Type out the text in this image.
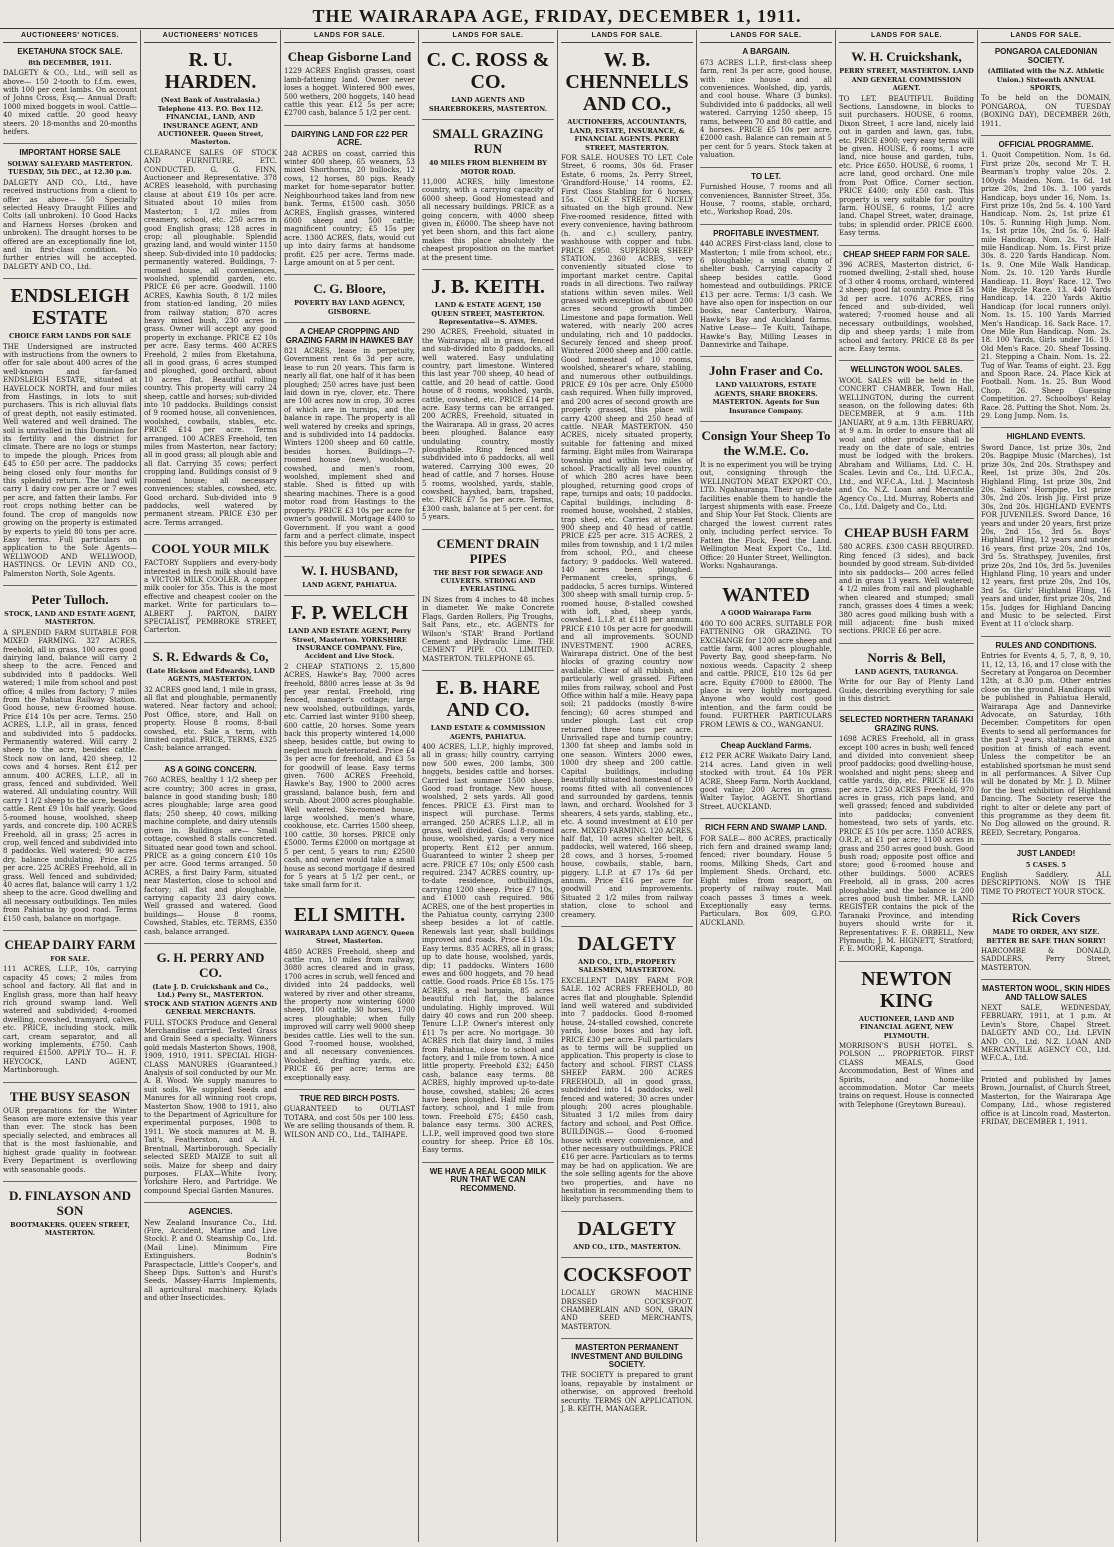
THE WAIRARAPA AGE, FRIDAY, DECEMBER 1, 1911.
AUCTIONEERS' NOTICES.
EKETAHUNA STOCK SALE.
8th DECEMBER, 1911.

DALGETY & CO., Ltd., will sell as above— 150 2-tooth to f.f.m. ewes, with 100 per cent lambs. On account of Johns Cross, Esq.— Annual Draft: 1000 mixed boggets in wool. Cattle— 40 mixed cattle. 20 good heavy steers. 20 18-months and 20-months heifers.

IMPORTANT HORSE SALE
SOLWAY SALEYARD MASTERTON. TUESDAY, 5th DEC., at 12.30 p.m.

DALGETY AND CO., Ltd., have received instructions from a client to offer as above— 50 Specially selected Heavy Draught Fillies and Colts (all unbroken). 10 Good Hacks and Harness Horses (broken and unbroken). The draught horses to be offered are an exceptionally fine lot, and in first-class condition. No further entries will be accepted. DALGETY AND CO., Ltd.

ENDSLEIGH ESTATE
CHOICE FARM LANDS FOR SALE

THE Undersigned are instructed with instructions from the owners to offer for sale about 400 acres of the well-known and far-famed ENDSLEIGH ESTATE, situated at HAVELOCK NORTH, and four miles from Hastings, in lots to suit purchasers. This is rich alluvial flats of great depth, not easily estimated. Well watered and well drained. The soil is unrivalled in this Dominion for its fertility and the district for climate. There are no logs or stumps to impede the plough. Prices from £45 to £50 per acre. The paddocks being closed only four months for this splendid return. The land will carry 1 dairy cow per acre or 7 ewes per acre, and fatten their lambs. For root crops nothing better can be found. The crop of mangolds now growing on the property is estimated by experts to yield 80 tons per acre. Easy terms. Full particulars on application to the Sole Agents— WELLWOOD AND WELLWOOD, HASTINGS. Or LEVIN AND CO., Palmerston North, Sole Agents.

Peter Tulloch.
STOCK, LAND AND ESTATE AGENT, MASTERTON.

A SPLENDID FARM SUITABLE FOR MIXED FARMING. 327 ACRES, freehold, all in grass, 100 acres good dairying land, balance will carry 2 sheep to the acre. Fenced and subdivided into 8 paddocks. Well watered; 1 mile from school and post office; 4 miles from factory; 7 miles from the Pahiatua Railway Station. Good house, new 6-roomed house. Price £14 10s per acre. Terms. 250 ACRES, L.I.P., all in grass, fenced and subdivided into 5 paddocks. Permanently watered. Will carry 2 sheep to the acre, besides cattle. Stock now on land, 420 sheep, 12 cows and 4 horses. Rent £12 per annum. 400 ACRES, L.I.P., all in grass, fenced and subdivided. Well watered. All undulating country. Will carry 1 1/2 sheep to the acre, besides cattle. Rent £9 10s half yearly. Good 5-roomed house, woolshed, sheep yards, and concrete dip. 100 ACRES Freehold, all in grass; 25 acres in crop, well fenced and subdivided into 8 paddocks. Well watered; 90 acres dry, balance undulating. Price £25 per acre. 225 ACRES Freehold, all in grass. Well fenced and subdivided; 40 acres flat, balance will carry 1 1/2 sheep to the acre. Good dwelling and all necessary outbuildings. Ten miles from Pahiatua by good road. Terms £150 cash, balance on mortgage.

CHEAP DAIRY FARM
FOR SALE.

111 ACRES, L.I.P., 10s, carrying capacity 45 cows; 2 miles from school and factory. All flat and in English grass, more than half heavy rich ground swamp land. Well watered and subdivided; 4-roomed dwelling, cowshed, tramyard, calves, etc. PRICE, including stock, milk cart, cream separator, and all working implements, £750. Cash required £1500. APPLY TO— H. F. HEYCOCK, LAND AGENT, Martinborough.

THE BUSY SEASON

OUR preparations for the Winter Season are more extensive this year than ever. The stock has been specially selected, and embraces all that is the most fashionable, and highest grade quality in footwear. Every Department is overflowing with seasonable goods.

D. FINLAYSON AND SON
BOOTMAKERS. QUEEN STREET, MASTERTON.
AUCTIONEERS' NOTICES
R. U. HARDEN.
(Next Bank of Australasia.) Telephone 413. P.O. Box 112. FINANCIAL, LAND, AND INSURANCE AGENT, AND AUCTIONEER. Queen Street, Masterton.

CLEARANCE SALES OF STOCK AND FURNITURE, ETC. CONDUCTED. G. G. FINN, Auctioneer and Representative. 378 ACRES leasehold, with purchasing clause at about £19 10s per acre. Situated about 10 miles from Masterton; 1 1/2 miles from creamery, school, etc. 250 acres in good English grass; 128 acres in crop; all ploughable. Splendid grazing land, and would winter 1150 sheep. Sub-divided into 10 paddocks; permanently watered. Buildings, 7-roomed house, all conveniences, woolshed, splendid garden, etc. PRICE £6 per acre. Goodwill. 1100 ACRES, Kawhia South, 8 1/2 miles from station-ed landing, 20 miles from railway station; 870 acres heavy mixed bush, 230 acres in grass. Owner will accept any good property in exchange. PRICE £2 10s per acre. Easy terms. 460 ACRES Freehold, 2 miles from Eketahuna, all in good grass, 6 acres stumped and ploughed, good orchard, about 10 acres flat. Beautiful rolling country. This property will carry 24 sheep, cattle and horses; sub-divided into 10 paddocks. Buildings consist of 9 roomed house, all conveniences, woolshed, cowbails, stables, etc. PRICE £14 per acre. Terms arranged. 100 ACRES Freehold, ten miles from Masterton, near factory; all in good grass; all plough able and all flat. Carrying 35 cows; perfect cropping land. Buildings consist of 9 roomed house; all necessary conveniences; stables, cowshed, etc. Good orchard. Sub-divided into 9 paddocks, well watered by permanent stream. PRICE £30 per acre. Terms arranged.

COOL YOUR MILK

FACTORY Suppliers and every-body interested in fresh milk should have a VICTOR MILK COOLER. A copper milk cooler for 35s. This is the most effective and cheapest cooler on the market. Write for particulars to— ALBERT J. PARTON, DAIRY SPECIALIST, PEMBROKE STREET, Carterton.

S. R. Edwards & Co,
(Late Hickson and Edwards), LAND AGENTS, MASTERTON.

32 ACRES good land, 1 mile in grass, all flat and ploughable, permanently watered. Near factory and school; Post Office, store, and Hall on property. House 8 rooms, 8-bail cowshed, etc. Sale a term, with limited capital. PRICE, TERMS, £325 Cash; balance arranged.

AS A GOING CONCERN.

760 ACRES, healthy 1 1/2 sheep per acre country; 300 acres in grass, balance in good standing bush; 180 acres ploughable; large area good flats; 250 sheep, 40 cows, milking machine complete, and dairy utensils given in. Buildings are— Small cottage, cowshed 8 stalls concreted. Situated near good town and school. PRICE as a going concern £10 10s per acre. Good terms arranged. 50 ACRES, a first Dairy Farm, situated near Masterton, close to school and factory; all flat and ploughable, carrying capacity 23 dairy cows. Well grassed and watered. Good buildings— House 8 rooms, Cowshed, Stables, etc. TERMS, £350 cash, balance arranged.

G. H. PERRY AND CO.
(Late J. D. Cruickshank and Co., Ltd.) Perry St., MASTERTON. STOCK AND STATION AGENTS AND GENERAL MERCHANTS.

FULL STOCKS Produce and General Merchandise carried. Tested Grass and Grain Seed a specialty. Winners gold medals Masterton Shows, 1908, 1909, 1910, 1911. SPECIAL HIGH-CLASS MANURES (Guaranteed.) Analysis of soil conducted by our Mr. A. B. Wood. We supply manures to suit soils. We supplied Seeds and Manures for all winning root crops, Masterton Show, 1908 to 1911, also to the Department of Agriculture for experimental purposes, 1908 to 1911. We stock manures at M. B. Tait's, Featherston, and A. H. Brentnall, Martinborough. Specially selected SEED MAIZE to suit all soils. Maize for sheep and dairy purposes. FLAX—White Ivory, Yorkshire Hero, and Partridge. We compound Special Garden Manures.

AGENCIES.

New Zealand Insurance Co., Ltd. (Fire, Accident, Marine and Live Stock). P. and O. Steamship Co., Ltd. (Mail Line). Minimum Fire Extinguishers. Bodnin's Paraspectacle, Little's Cooper's, and Sheep Dips. Sutton's and Hurst's Seeds. Massey-Harris Implements, all agricultural machinery. Kylads and other Insecticides.

LANDS FOR SALE.
Cheap Gisborne Land

1229 ACRES English grasses, coast lamb-fattening land. Owner never loses a hogget. Wintered 900 ewes, 500 wethers, 200 hoggets, 140 head cattle this year. £12 5s per acre; £2700 cash, balance 5 1/2 per cent.

DAIRYING LAND FOR £22 PER ACRE.

248 ACRES on coast, carried this winter 400 sheep, 65 weaners, 53 mixed Shorthorns, 20 bullocks, 12 cows, 12 horses, 80 pigs. Ready market for home-separator butter. Neighbourhood takes land from new bank. Terms, £1500 cash. 3050 ACRES, English grasses, wintered 6000 sheep and 500 cattle; magnificent country; £5 15s per acre. 1300 ACRES, flats, would cut up into dairy farms at handsome profit. £25 per acre. Terms made. Large amount on at 5 per cent.

C. G. Bloore,
POVERTY BAY LAND AGENCY, GISBORNE.
A CHEAP CROPPING AND GRAZING FARM IN HAWKES BAY

821 ACRES, lease in perpetuity, Government rent 6s 3d per acre, lease to run 20 years. This farm is nearly all flat, one half of it has been ploughed; 250 acres have just been laid down in rye, clover, etc. There are 100 acres now in crop, 30 acres of which are in turnips, and the balance in rape. The property is all well watered by creeks and springs, and is subdivided into 14 paddocks. Winters 1200 sheep and 60 cattle, besides horses. Buildings—7-roomed house (new), woolshed, cowshed, and men's room, woolshed, implement shed and stable. Shed is fitted up with shearing machines. There is a good motor road from Hastings to the property. PRICE £3 10s per acre for owner's goodwill. Mortgage £400 to Government. If you want a good farm and a perfect climate, inspect this before you buy elsewhere.

W. I. HUSBAND,
LAND AGENT, PAHIATUA.
F. P. WELCH
LAND AND ESTATE AGENT, Perry Street, Masterton. YORKSHIRE INSURANCE COMPANY. Fire, Accident and Live Stock.

2 CHEAP STATIONS 2. 15,800 ACRES, Hawke's Bay, 7000 acres freehold, 8800 acres lease at 3s 9d per year rental. Freehold, ring fenced, manager's cottage; large new woolshed, outbuildings, yards, etc. Carried last winter 9100 sheep, 600 cattle, 20 horses. Some years back this property wintered 14,000 sheep, besides cattle, but owing to neglect much deteriorated. Price £4 3s per acre for freehold, and £3 5s for goodwill of lease. Easy terms given. 7600 ACRES Freehold, Hawke's Bay, 1900 to 2000 acres grassland, balance bush, fern and scrub. About 2000 acres ploughable. Well watered. Six-roomed house, large woolshed, men's whare, cookhouse, etc. Carries 1500 sheep, 100 cattle, 30 horses. PRICE only £5000. Terms £2000 on mortgage at 5 per cent, 5 years to run; £2500 cash, and owner would take a small house as second mortgage if desired for 5 years at 5 1/2 per cent., or take small farm for it.

ELI SMITH.
WAIRARAPA LAND AGENCY. Queen Street, Masterton.

4850 ACRES Freehold, sheep and cattle run, 10 miles from railway, 3080 acres cleared and in grass, 1700 acres in scrub, well fenced and divided into 24 paddocks, well watered by river and other streams, the property now wintering 6000 sheep, 100 cattle, 30 horses, 1700 acres ploughable; when fully improved will carry well 9000 sheep besides cattle. Lies well to the sun. Good 7-roomed house, woolshed, and all necessary conveniences. Woolshed, drafting yards, etc. PRICE £6 per acre; terms are exceptionally easy.

TRUE RED BIRCH POSTS.

GUARANTEED to OUTLAST TOTARA, and cost 50s per 100 less. We are selling thousands of them. R. WILSON AND CO., Ltd., TAIHAPE.

LANDS FOR SALE.
C. C. ROSS & CO.
LAND AGENTS AND SHAREBROKERS, MASTERTON.
SMALL GRAZING RUN
40 MILES FROM BLENHEIM BY MOTOR ROAD.

11,000 ACRES, hilly limestone country, with a carrying capacity of 6000 sheep. Good Homestead and all necessary buildings. PRICE as a going concern, with 4000 sheep given in, £6000. The sheep have not yet been shorn, and this fact alone makes this place absolutely the cheapest proposition on the market at the present time.

J. B. KEITH.
LAND & ESTATE AGENT, 150 QUEEN STREET, MASTERTON. Representative—S. AYMES.

290 ACRES, Freehold, situated in the Wairarapa; all in grass, fenced and sub-divided into 8 paddocks, all well watered. Easy undulating country, part limestone. Wintered this last year 700 sheep, 40 head of cattle, and 20 head of cattle. Good house of 8 rooms, woolshed, yards, cattle, cowshed, etc. PRICE £14 per acre. Easy terms can be arranged. 200 ACRES, Freehold, situated in the Wairarapa. All in grass, 20 acres been ploughed. Balance easy undulating country, mostly ploughable. Ring fenced and subdivided into 6 paddocks, all well watered. Carrying 300 ewes, 20 head of cattle, and 7 horses. House 5 rooms, woolshed, yards, stable, cowshed, hayshed, barn, trapshed, etc. PRICE £7 5s per acre. Terms, £300 cash, balance at 5 per cent. for 5 years.

CEMENT DRAIN PIPES
THE BEST FOR SEWAGE AND CULVERTS. STRONG AND EVERLASTING.

IN Sizes from 4 inches to 48 inches in diameter. We make Concrete Flags, Garden Rollers, Pig Troughs, Salt Pans, etc., etc. AGENTS for Wilson's 'STAR' Brand Portland Cement and Hydraulic Lime. THE CEMENT PIPE CO. LIMITED. MASTERTON. TELEPHONE 65.

E. B. HARE AND CO.
LAND ESTATE & COMMISSION AGENTS, PAHIATUA.

400 ACRES, L.I.P., highly improved, all in grass; hilly country, carrying now 500 ewes, 200 lambs, 300 hoggets, besides cattle and horses. Carried last summer 1500 sheep. Good road frontage. New house, woolshed, 2 sets yards. All good fences. PRICE £3. First man to inspect will purchase. Terms arranged. 250 ACRES L.I.P., all in grass, well divided. Good 8-roomed house, woolshed, yards; a very nice property. Rent £12 per annum. Guaranteed to winter 2 sheep per acre. PRICE £7 10s; only £500 cash required. 2347 ACRES country, up-to-date residence, outbuildings, carrying 1200 sheep. Price £7 10s, and £1000 cash required. 986 ACRES, one of the best properties in the Pahiatua county, carrying 2300 sheep besides a lot of cattle. Renewals last year, shall buildings improved and roads. Price £13 10s. Easy terms. 835 ACRES, all in grass; up to date house, woolshed, yards, dip; 11 paddocks. Winters 1600 ewes and 600 hoggets, and 70 head cattle. Good roads. Price £8 15s. 175 ACRES, a real bargain, 85 acres beautiful rich flat, the balance undulating. Highly improved. Will dairy 40 cows and run 200 sheep. Tenure L.I.P. Owner's interest only £11 7s per acre. No mortgage. 30 ACRES rich flat dairy land, 3 miles from Pahiatua, close to school and factory, and 1 mile from town. A nice little property. Freehold £32; £450 cash, balance easy terms. 88 ACRES, highly improved up-to-date house, cowshed, stables; 26 acres have been ploughed. Half mile from factory, school, and 1 mile from town. Freehold £75; £450 cash, balance easy terms. 300 ACRES, L.I.P., well improved good two store country for sheep. Price £8 10s. Easy terms.

WE HAVE A REAL GOOD MILK RUN THAT WE CAN RECOMMEND.
LANDS FOR SALE.
W. B. CHENNELLS AND CO.,
AUCTIONEERS, ACCOUNTANTS, LAND, ESTATE, INSURANCE, & FINANCIAL AGENTS. PERRY STREET, MASTERTON.

FOR SALE. HOUSES TO LET. Cole Street, 6 rooms, 30s 6d. Fraser Estate, 6 rooms, 2s. Perry Street, 'Grandford-House,' 14 rooms, £2. First Class Stabling for 6 horses, 15s. COLE STREET. NICELY situated on the high ground. New Five-roomed residence, fitted with every convenience, having bathroom (h. and c.) scullery, pantry, washhouse with copper and tubs. PRICE £950. SUPERIOR SHEEP STATION. 2360 ACRES, very conveniently situated close to important market centre. Capital roads in all directions. Two railway stations within seven miles. Well grassed with exception of about 200 acres second growth timber. Limestone and papa formation. Well watered, with nearly 200 acres undulating, rich and 10 paddocks. Securely fenced and sheep proof. Wintered 2000 sheep and 200 cattle. Good homestead of 10 rooms, woolshed, shearer's whare, stabling, and numerous other outbuildings. PRICE £9 10s per acre. Only £5000 cash required. When fully improved, and 200 acres of second growth are properly grassed, this place will carry 4200 sheep and 250 head of cattle. NEAR MASTERTON. 450 ACRES, nicely situated property, suitable for fattening and mixed farming. Eight miles from Wairarapa township and within two miles of school. Practically all level country, of which 280 acres have been ploughed, returning good crops of rape, turnips and oats; 10 paddocks. Capital buildings, including 8-roomed house, woolshed, 2 stables, trap shed, etc. Carries at present 900 sheep and 40 head of cattle. PRICE £25 per acre. 315 ACRES, 2 miles from township, and 1 1/2 miles from school, P.O., and cheese factory; 9 paddocks. Well watered. 140 acres been ploughed. Permanent creeks, springs, 6 paddocks, 5 acres turnips. Wintered 300 sheep with small turnip crop. 5-roomed house, 8-stalled cowshed with loft, shed, sheep yards, cowshed. L.I.P. at £118 per annum. PRICE £10 10s per acre for goodwill and all improvements. SOUND INVESTMENT. 1900 ACRES, Wairarapa district. One of the best blocks of grazing country now available. Clear of all rubbish, and particularly well grassed. Fifteen miles from railway, school and Post Office within half a mile. Heavy papa soil; 21 paddocks (mostly 8-wire fencing); 60 acres stumped and under plough. Last cut crop returned three tons per acre. Unrivalled rape and turnip country; 1300 fat sheep and lambs sold in one season. Winters 2000 ewes, 1000 dry sheep and 200 cattle. Capital buildings, including beautifully situated homestead of 10 rooms fitted with all conveniences and surrounded by gardens, tennis lawn, and orchard. Woolshed for 3 shearers, 4 sets yards, stabling, etc., etc. A sound investment at £10 per acre. MIXED FARMING. 120 ACRES, half flat, 10 acres shelter belt, 6 paddocks, well watered, 166 sheep, 28 cows, and 3 horses, 5-roomed house, cowbails, stable, barn, piggery. L.I.P. at £7 17s 6d per annum. Price £16 per acre for goodwill and improvements. Situated 2 1/2 miles from railway station, close to school and creamery.

DALGETY
AND CO., LTD., PROPERTY SALESMEN, MASTERTON.

EXCELLENT DAIRY FARM FOR SALE. 102 ACRES FREEHOLD, 80 acres flat and ploughable. Splendid land well watered and subdivided into 7 paddocks. Good 8-roomed house, 24-stalled cowshed, concrete yards, loose boxes and hay loft. PRICE £30 per acre. Full particulars as to terms will be supplied on application. This property is close to factory and school. FIRST CLASS SHEEP FARM. 200 ACRES FREEHOLD, all in good grass, subdivided into 14 paddocks, well fenced and watered; 30 acres under plough; 200 acres ploughable. Situated 3 1/2 miles from dairy factory and school, and Post Office. BUILDINGS.— Good 6-roomed house with every convenience, and other necessary outbuildings. PRICE £16 per acre. Particulars as to terms may be had on application. We are the sole selling agents for the above two properties, and have no hesitation in recommending them to likely purchasers.

DALGETY
AND CO., LTD., MASTERTON.
COCKSFOOT

LOCALLY GROWN MACHINE DRESSED COCKSFOOT. CHAMBERLAIN AND SON, GRAIN AND SEED MERCHANTS, MASTERTON.

MASTERTON PERMANENT INVESTMENT AND BUILDING SOCIETY.

THE SOCIETY is prepared to grant loans, repayable by instalment or otherwise, on approved freehold security. TERMS ON APPLICATION. J. B. KEITH, MANAGER.

LANDS FOR SALE.
A BARGAIN.

673 ACRES L.I.P., first-class sheep farm, rent 3s per acre, good house, with nice house and all conveniences. Woolshed, dip, yards, and cool house. Whare (3 bunks). Subdivided into 6 paddocks, all well watered. Carrying 1250 sheep, 15 rams, between 70 and 80 cattle, and 4 horses. PRICE £5 10s per acre. £2000 cash. Balance can remain at 5 per cent for 5 years. Stock taken at valuation.

TO LET.

Furnished House, 7 rooms and all conveniences, Bannister Street, 35s. House, 7 rooms, stable, orchard, etc., Workshop Road, 20s.

PROFITABLE INVESTMENT.

440 ACRES First-class land, close to Masterton; 1 mile from school, etc.; 6 ploughable; a small clump of shelter bush. Carrying capacity 2 sheep besides cattle. Good homestead and outbuildings. PRICE £13 per acre. Terms: 1/3 cash. We have also open for inspection on our books, near Canterbury, Wairoa, Hawke's Bay and Auckland farms. Native Lease— Te Kuiti, Taihape, Hawke's Bay, Milling Leases in Dannevirke and Taihape.

John Fraser and Co.
LAND VALUATORS, ESTATE AGENTS, SHARE BROKERS. MASTERTON. Agents for Sun Insurance Company.
Consign Your Sheep To the W.M.E. Co.

It is no experiment you will be trying out, consigning through the WELLINGTON MEAT EXPORT CO., LTD. Ngahauranga. Their up-to-date facilities enable them to handle the largest shipments with ease. Freeze and Ship Your Fat Stock. Clients are charged the lowest current rates only, including perfect service. To Fatten the Flock, Feed the Land. Wellington Meat Export Co., Ltd. Office: 20 Hunter Street, Wellington. Works: Ngahauranga.

WANTED
A GOOD Wairarapa Farm

400 TO 600 ACRES. SUITABLE FOR FATTENING OR GRAZING. TO EXCHANGE for 1200 acre sheep and cattle farm, 400 acres ploughable, Poverty Bay, good sheep-farm. No noxious weeds. Capacity 2 sheep and cattle. PRICE, £10 12s 6d per acre. Equity £7000 to £8000. The place is very lightly mortgaged. Anyone who would cost good intention, and the farm could be found. FURTHER PARTICULARS FROM LEWIS & CO., WANGANUI.

Cheap Auckland Farms.

£12 PER ACRE Waikato Dairy Land, 214 acres. Land given in well stocked with trout. £4 10s PER ACRE, Sheep Farm. North Auckland, good value; 200 Acres in grass. Walter Taylor, AGENT. Shortland Street, AUCKLAND.

RICH FERN AND SWAMP LAND.

FOR SALE— 800 ACRES, practically rich fern and drained swamp land; fenced; river boundary. House 5 rooms, Milking Sheds, Cart and Implement Sheds. Orchard, etc. Eight miles from seaport, on property of railway route. Mail coach passes 3 times a week. Exceptionally easy terms. Particulars, Box 609, G.P.O. AUCKLAND.

LANDS FOR SALE.
W. H. Cruickshank,
PERRY STREET, MASTERTON. LAND AND GENERAL COMMISSION AGENT.

TO LET. BEAUTIFUL Building Sections, Lansdowne, in blocks to suit purchasers. HOUSE, 6 rooms, Dixon Street, 1 acre land, nicely laid out in garden and lawn, gas, tubs, etc. PRICE £900; very easy terms will be given. HOUSE, 6 rooms, 1 acre land, nice house and garden, tubs, etc. Price £650. HOUSE, 6 rooms, 1 acre land, good orchard. One mile from Post Office. Corner section. PRICE £400; only £50 cash. This property is very suitable for poultry farm. HOUSE, 6 rooms, 1/2 acre land. Chapel Street, water, drainage, tubs; in splendid order. PRICE £600. Easy terms.

CHEAP SHEEP FARM FOR SALE.

396 ACRES, Masterton district, 6-roomed dwelling, 2-stall shed, house of 3 other 4 rooms, orchard, wintered 2 sheep; good fat country. Price £8 5s 3d per acre. 1076 ACRES, ring fenced and sub-divided, well watered; 7-roomed house and all necessary outbuildings, woolshed, dip and sheep yards; 1 mile from school and factory. PRICE £8 8s per acre. Easy terms.

WELLINGTON WOOL SALES.

WOOL SALES will be held in the CONCERT CHAMBER, Town Hall, WELLINGTON, during the current season, on the following dates: 6th DECEMBER, at 9 a.m. 11th JANUARY, at 9 a.m. 13th FEBRUARY, at 9 a.m. In order to ensure that all wool and other produce shall be ready on the date of sale, entries must be lodged with the brokers. Abraham and Williams, Ltd. C. H. Scales. Levin and Co., Ltd. U.F.C.A., Ltd., and W.F.C.A., Ltd. J. Macintosh and Co. N.Z. Loan and Mercantile Agency Co., Ltd. Murray, Roberts and Co., Ltd. Dalgety and Co., Ltd.

CHEAP BUSH FARM

580 ACRES. £300 CASH REQUIRED. Ring fenced (3 sides), and back bounded by good stream. Sub-divided into six paddocks— 200 acres felled and in grass 13 years. Well watered; 4 1/2 miles from rail and ploughable when cleared and stumped; small ranch, grasses does 4 times a week; 380 acres good milking bush with a mill adjacent; fine bush mixed sections. PRICE £6 per acre.

Norris & Bell,
LAND AGENTS, TAURANGA.

Write for our Bay of Plenty Land Guide, describing everything for sale in this district.

SELECTED NORTHERN TARANAKI GRAZING RUNS.

1698 ACRES Freehold, all in grass except 100 acres in bush; well fenced and divided into convenient sheep proof paddocks; good dwelling-house, woolshed and night pens; sheep and cattle yards, dip, etc. PRICE £6 10s per acre. 1250 ACRES Freehold, 970 acres in grass, rich paps land, and well grassed; fenced and subdivided into paddocks; convenient homestead, two sets of yards, etc. PRICE £5 10s per acre. 1350 ACRES, O.R.P., at £1 per acre; 1100 acres in grass and 250 acres good bush. Good bush road; opposite post office and store; good 6-roomed house and other buildings. 5000 ACRES Freehold, all in grass, 200 acres ploughable; and the balance is 200 acres good bush timber. MR. LAND REGISTER contains the pick of the Taranaki Province, and intending buyers should write for it. Representatives: F. E. ORBELL, New Plymouth; J. M. HIGNETT, Stratford; F. E. MOORE, Kaponga.

NEWTON KING
AUCTIONEER, LAND AND FINANCIAL AGENT, NEW PLYMOUTH.

MORRISON'S BUSH HOTEL. S. POLSON ... PROPRIETOR. FIRST CLASS MEALS, Good Accommodation, Best of Wines and Spirits, and home-like accommodation. Motor Car meets trains on request. House is connected with Telephone (Greytown Bureau).

LANDS FOR SALE.
PONGAROA CALEDONIAN SOCIETY.
(Affiliated with the N.Z. Athletic Union.) Sixteenth ANNUAL SPORTS,

To be held on the DOMAIN, PONGAROA, ON TUESDAY (BOXING DAY), DECEMBER 26th, 1911.

OFFICIAL PROGRAMME.

1. Quoit Competition. Nom. 1s 6d. First prize 20s, second Mr T. H. Bearman's trophy value 20s. 2. 100yds Maiden. Nom. 1s 6d. 1st prize 20s, 2nd 10s. 3. 100 yards Handicap, boys under 16, Nom. 1s. First prize 10s, 2nd 5s. 4. 100 Yard Handicap. Nom. 2s, 1st prize £1 10s. 5. Running High Jump. Nom. 1s, 1st prize 10s, 2nd 5s. 6. Half-mile Handicap. Nom. 2s. 7. Half-mile Handicap. Nom. 1s. First prize 30s. 8. 220 Yards Handicap. Nom. 1s. 9. One Mile Walk Handicap. Nom. 2s. 10. 120 Yards Hurdle Handicap. 11. Boys' Race. 12. Two Mile Bicycle Race. 13. 440 Yards Handicap. 14. 220 Yards Akitio Handicap (for local runners only). Nom. 1s. 15. 100 Yards Married Men's Handicap. 16. Sack Race. 17. One Mile Run Handicap. Nom. 2s. 18. 100 Yards, Girls under 16. 19. Old Men's Race. 20. Sheaf Tossing. 21. Stepping a Chain. Nom. 1s. 22. Tug of War. Teams of eight. 23. Egg and Spoon Race. 24. Place Kick at Football. Nom. 1s. 25. Bun Wood Chop. 26. Sheep Guessing Competition. 27. Schoolboys' Relay Race. 28. Putting the Shot. Nom. 2s. 29. Long Jump. Nom. 1s.

HIGHLAND EVENTS.

Sword Dance, 1st prize 30s, 2nd 20s. Bagpipe Music (Marches), 1st prize 30s, 2nd 20s. Strathspey and Reel, 1st prize 30s, 2nd 20s. Highland Fling, 1st prize 30s, 2nd 20s. Sailors' Hornpipe, 1st prize 30s, 2nd 20s. Irish Jig. First prize 30s, 2nd 20s. HIGHLAND EVENTS FOR JUVENILES. Sword Dance, 16 years and under 20 years, first prize 20s, 2nd 15s, 3rd 5s. Boys' Highland Fling, 12 years and under 16 years, first prize 20s, 2nd 10s, 3rd 5s. Strathspey, Juveniles, first prize 20s, 2nd 10s, 3rd 5s. Juveniles Highland Fling, 10 years and under 12 years, first prize 20s, 2nd 10s, 3rd 5s. Girls' Highland Fling, 16 years and under, first prize 20s, 2nd 15s. Judges for Highland Dancing and Music to be selected. First Event at 11 o'clock sharp.

RULES AND CONDITIONS.

Entries for Events 4, 5, 7, 8, 9, 10, 11, 12, 13, 16, and 17 close with the Secretary at Pongaroa on December 12th, at 8.30 p.m. Other entries close on the ground. Handicaps will be published in Pahiatua Herald, Wairarapa Age and Dannevirke Advocate, on Saturday, 16th December. Competitors for open Events to send all performances for the past 2 years, stating name and position at finish of each event. Unless the competitor be an established sportsman he must send in all performances. A Silver Cup will be donated by Mr. J. D. Milner for the best exhibition of Highland Dancing. The Society reserve the right to alter or delete any part of this programme as they deem fit. No Dog allowed on the ground. R. REED, Secretary, Pongaroa.

JUST LANDED!
5 CASES. 5

English Saddlery. ALL DESCRIPTIONS. NOW IS THE TIME TO PROTECT YOUR STOCK.

Rick Covers
MADE TO ORDER, ANY SIZE. BETTER BE SAFE THAN SORRY!

HARCOMBE & DONALD, SADDLERS, Perry Street, MASTERTON.

MASTERTON WOOL, SKIN HIDES AND TALLOW SALES

NEXT SALE, WEDNESDAY, FEBRUARY, 1911, at 1 p.m. At Levin's Store, Chapel Street. DALGETY AND CO., Ltd. LEVIN AND CO., Ltd. N.Z. LOAN AND MERCANTILE AGENCY CO., Ltd. W.F.C.A., Ltd.

Printed and published by James Brown, Journalist, of Church Street, Masterton, for the Wairarapa Age Company, Ltd., whose registered office is at Lincoln road, Masterton. FRIDAY, DECEMBER 1, 1911.
